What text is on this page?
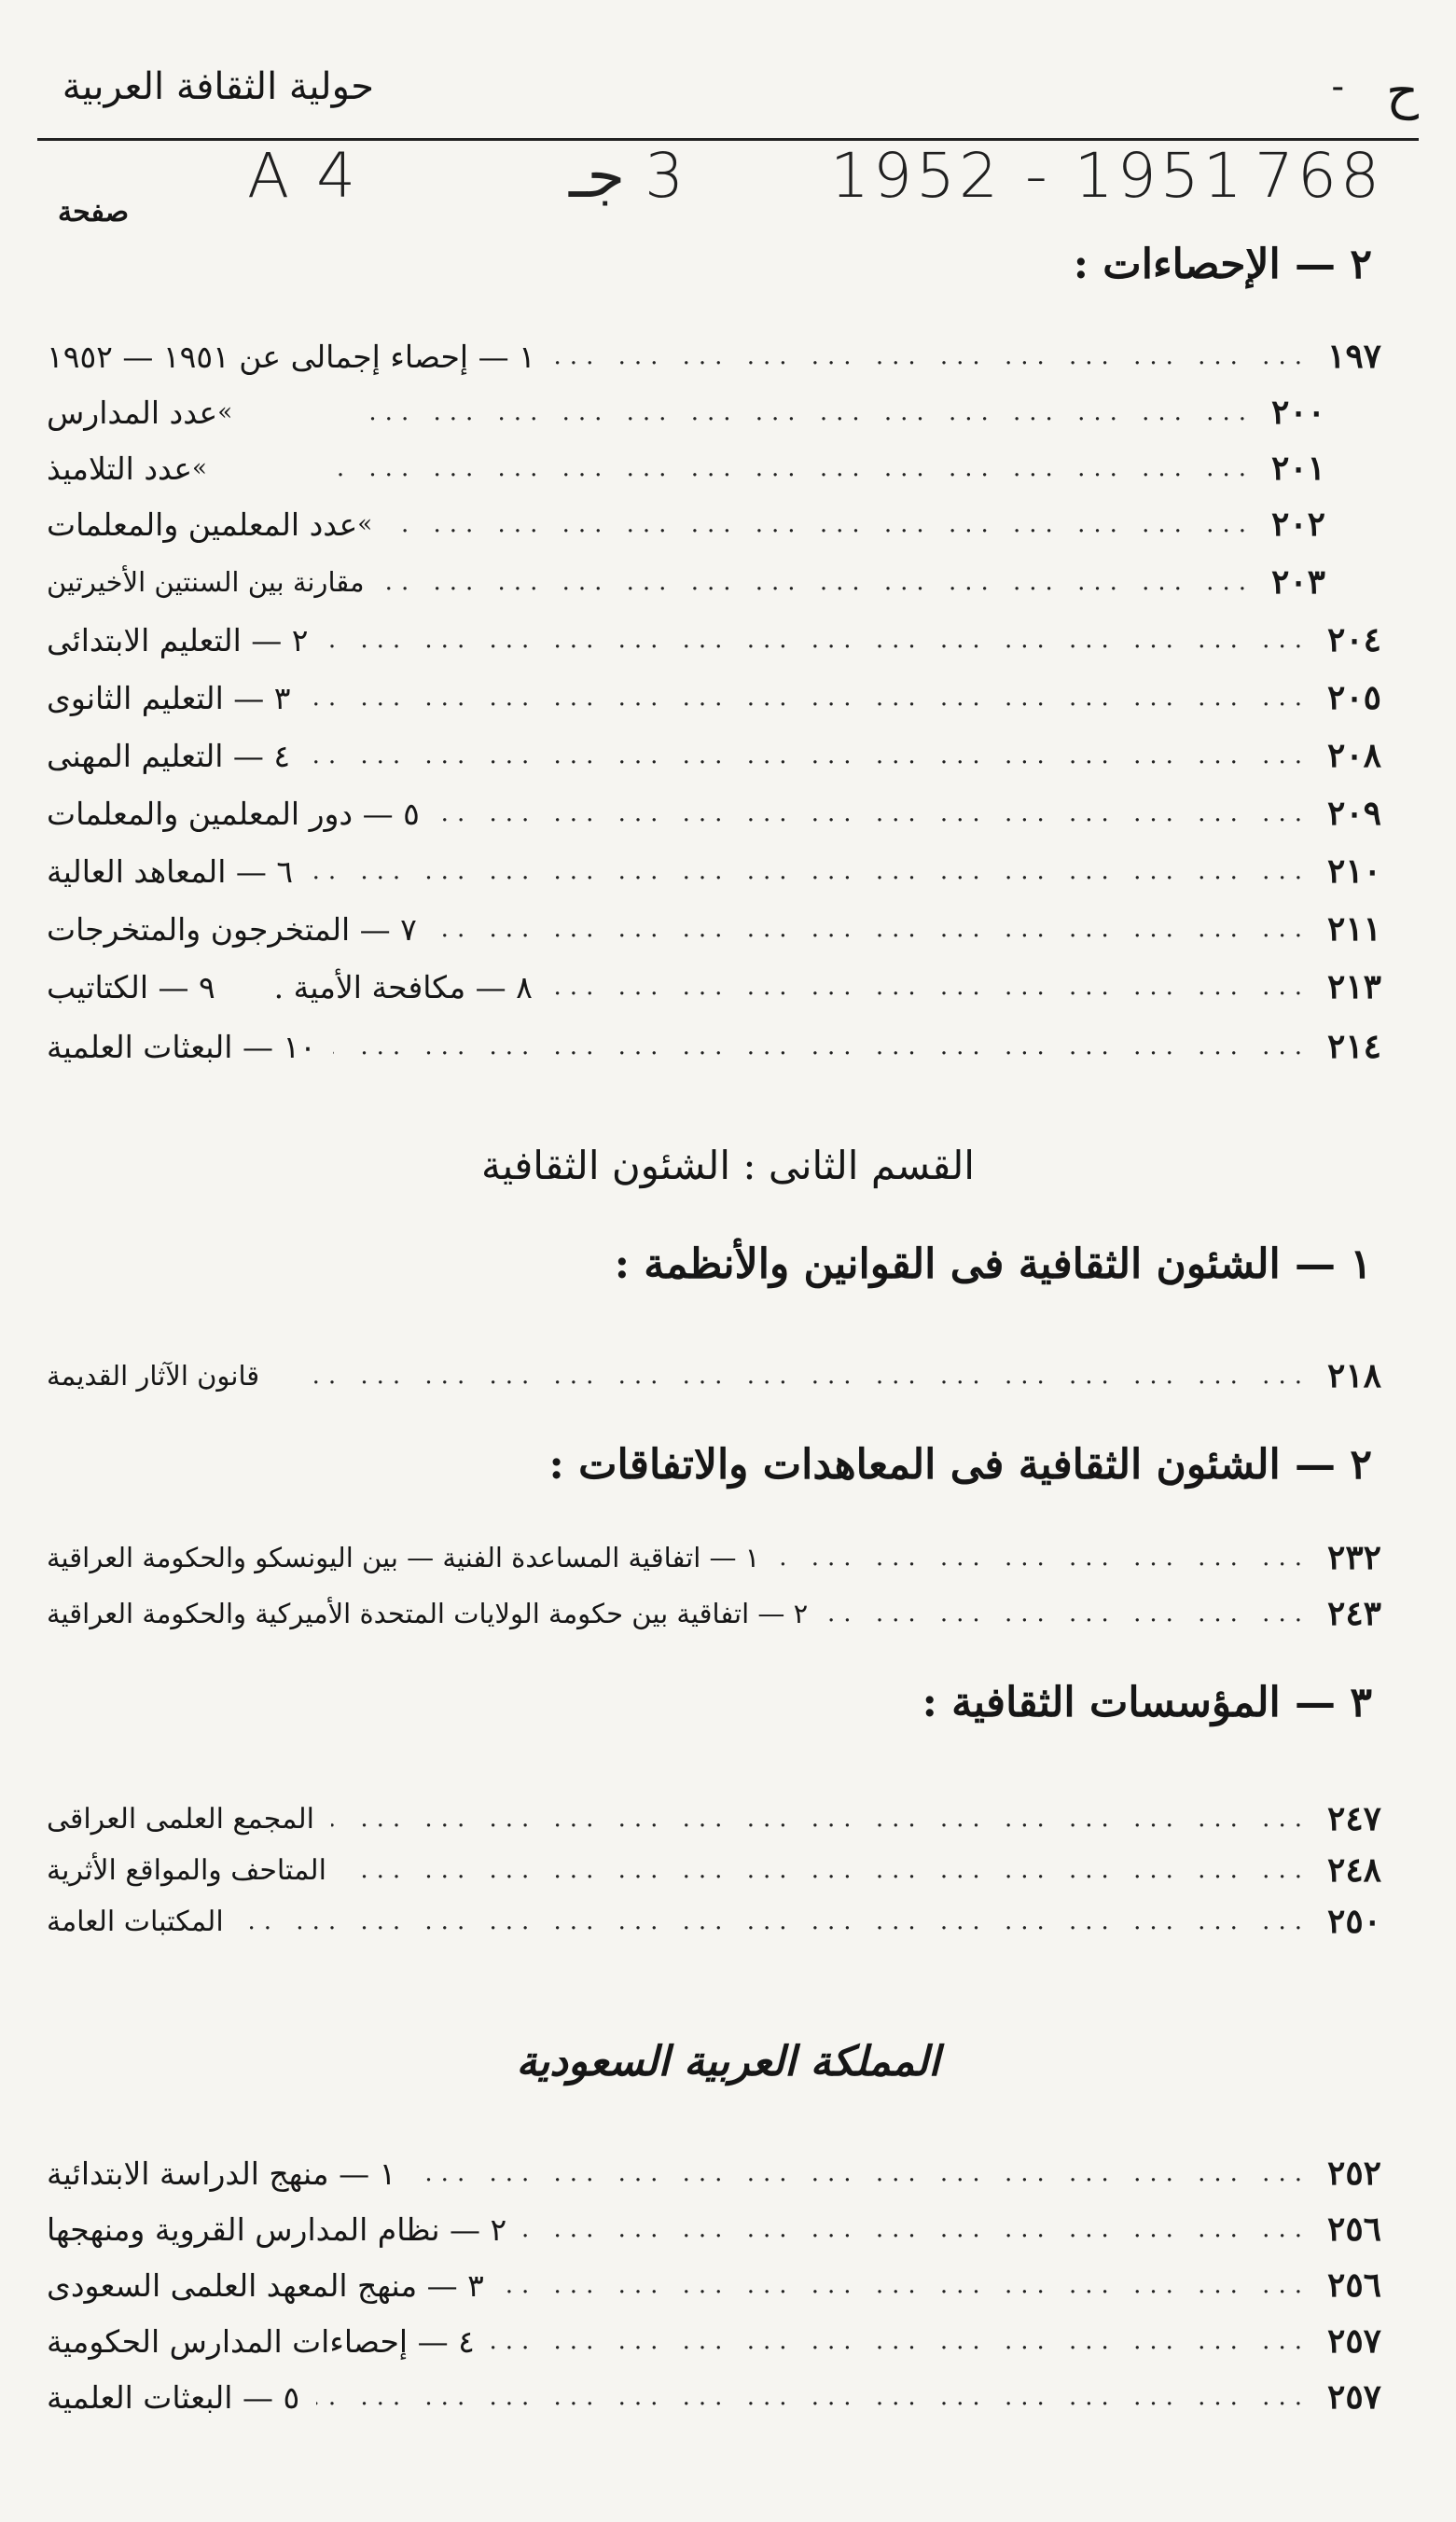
حولية الثقافة العربية	- ح
A 4	3 جـ 1952 - 1951 768
صفحة
٢ — الإحصاءات :
١ — إحصاء إجمالى عن ١٩٥١ — ١٩٥٢ ... .	١٩٧
عدد المدارس » ... .	٢٠٠
عدد التلاميذ » ... .	٢٠١
عدد المعلمين والمعلمات » ... .	٢٠٢
مقارنة بين السنتين الأخيرتين ... .	٢٠٣
٢ — التعليم الابتدائى ... .	٢٠٤
٣ — التعليم الثانوى ... .	٢٠٥
٤ — التعليم المهنى ... .	٢٠٨
٥ — دور المعلمين والمعلمات ... .	٢٠٩
٦ — المعاهد العالية ... .	٢١٠
٧ — المتخرجون والمتخرجات ... .	٢١١
٨ — مكافحة الأمية .      ٩ — الكتاتيب ... .	٢١٣
١٠ — البعثات العلمية ... .	٢١٤
القسم الثانى : الشئون الثقافية
١ — الشئون الثقافية فى القوانين والأنظمة :
قانون الآثار القديمة ... .	٢١٨
٢ — الشئون الثقافية فى المعاهدات والاتفاقات :
١ — اتفاقية المساعدة الفنية — بين اليونسكو والحكومة العراقية ... .	٢٣٢
٢ — اتفاقية بين حكومة الولايات المتحدة الأميركية والحكومة العراقية ... .	٢٤٣
٣ — المؤسسات الثقافية :
المجمع العلمى العراقى ... .	٢٤٧
المتاحف والمواقع الأثرية ... .	٢٤٨
المكتبات العامة ... .	٢٥٠
المملكة العربية السعودية
١ — منهج الدراسة الابتدائية ... .	٢٥٢
٢ — نظام المدارس القروية ومنهجها ... .	٢٥٦
٣ — منهج المعهد العلمى السعودى ... .	٢٥٦
٤ — إحصاءات المدارس الحكومية ... .	٢٥٧
٥ — البعثات العلمية ... .	٢٥٧
